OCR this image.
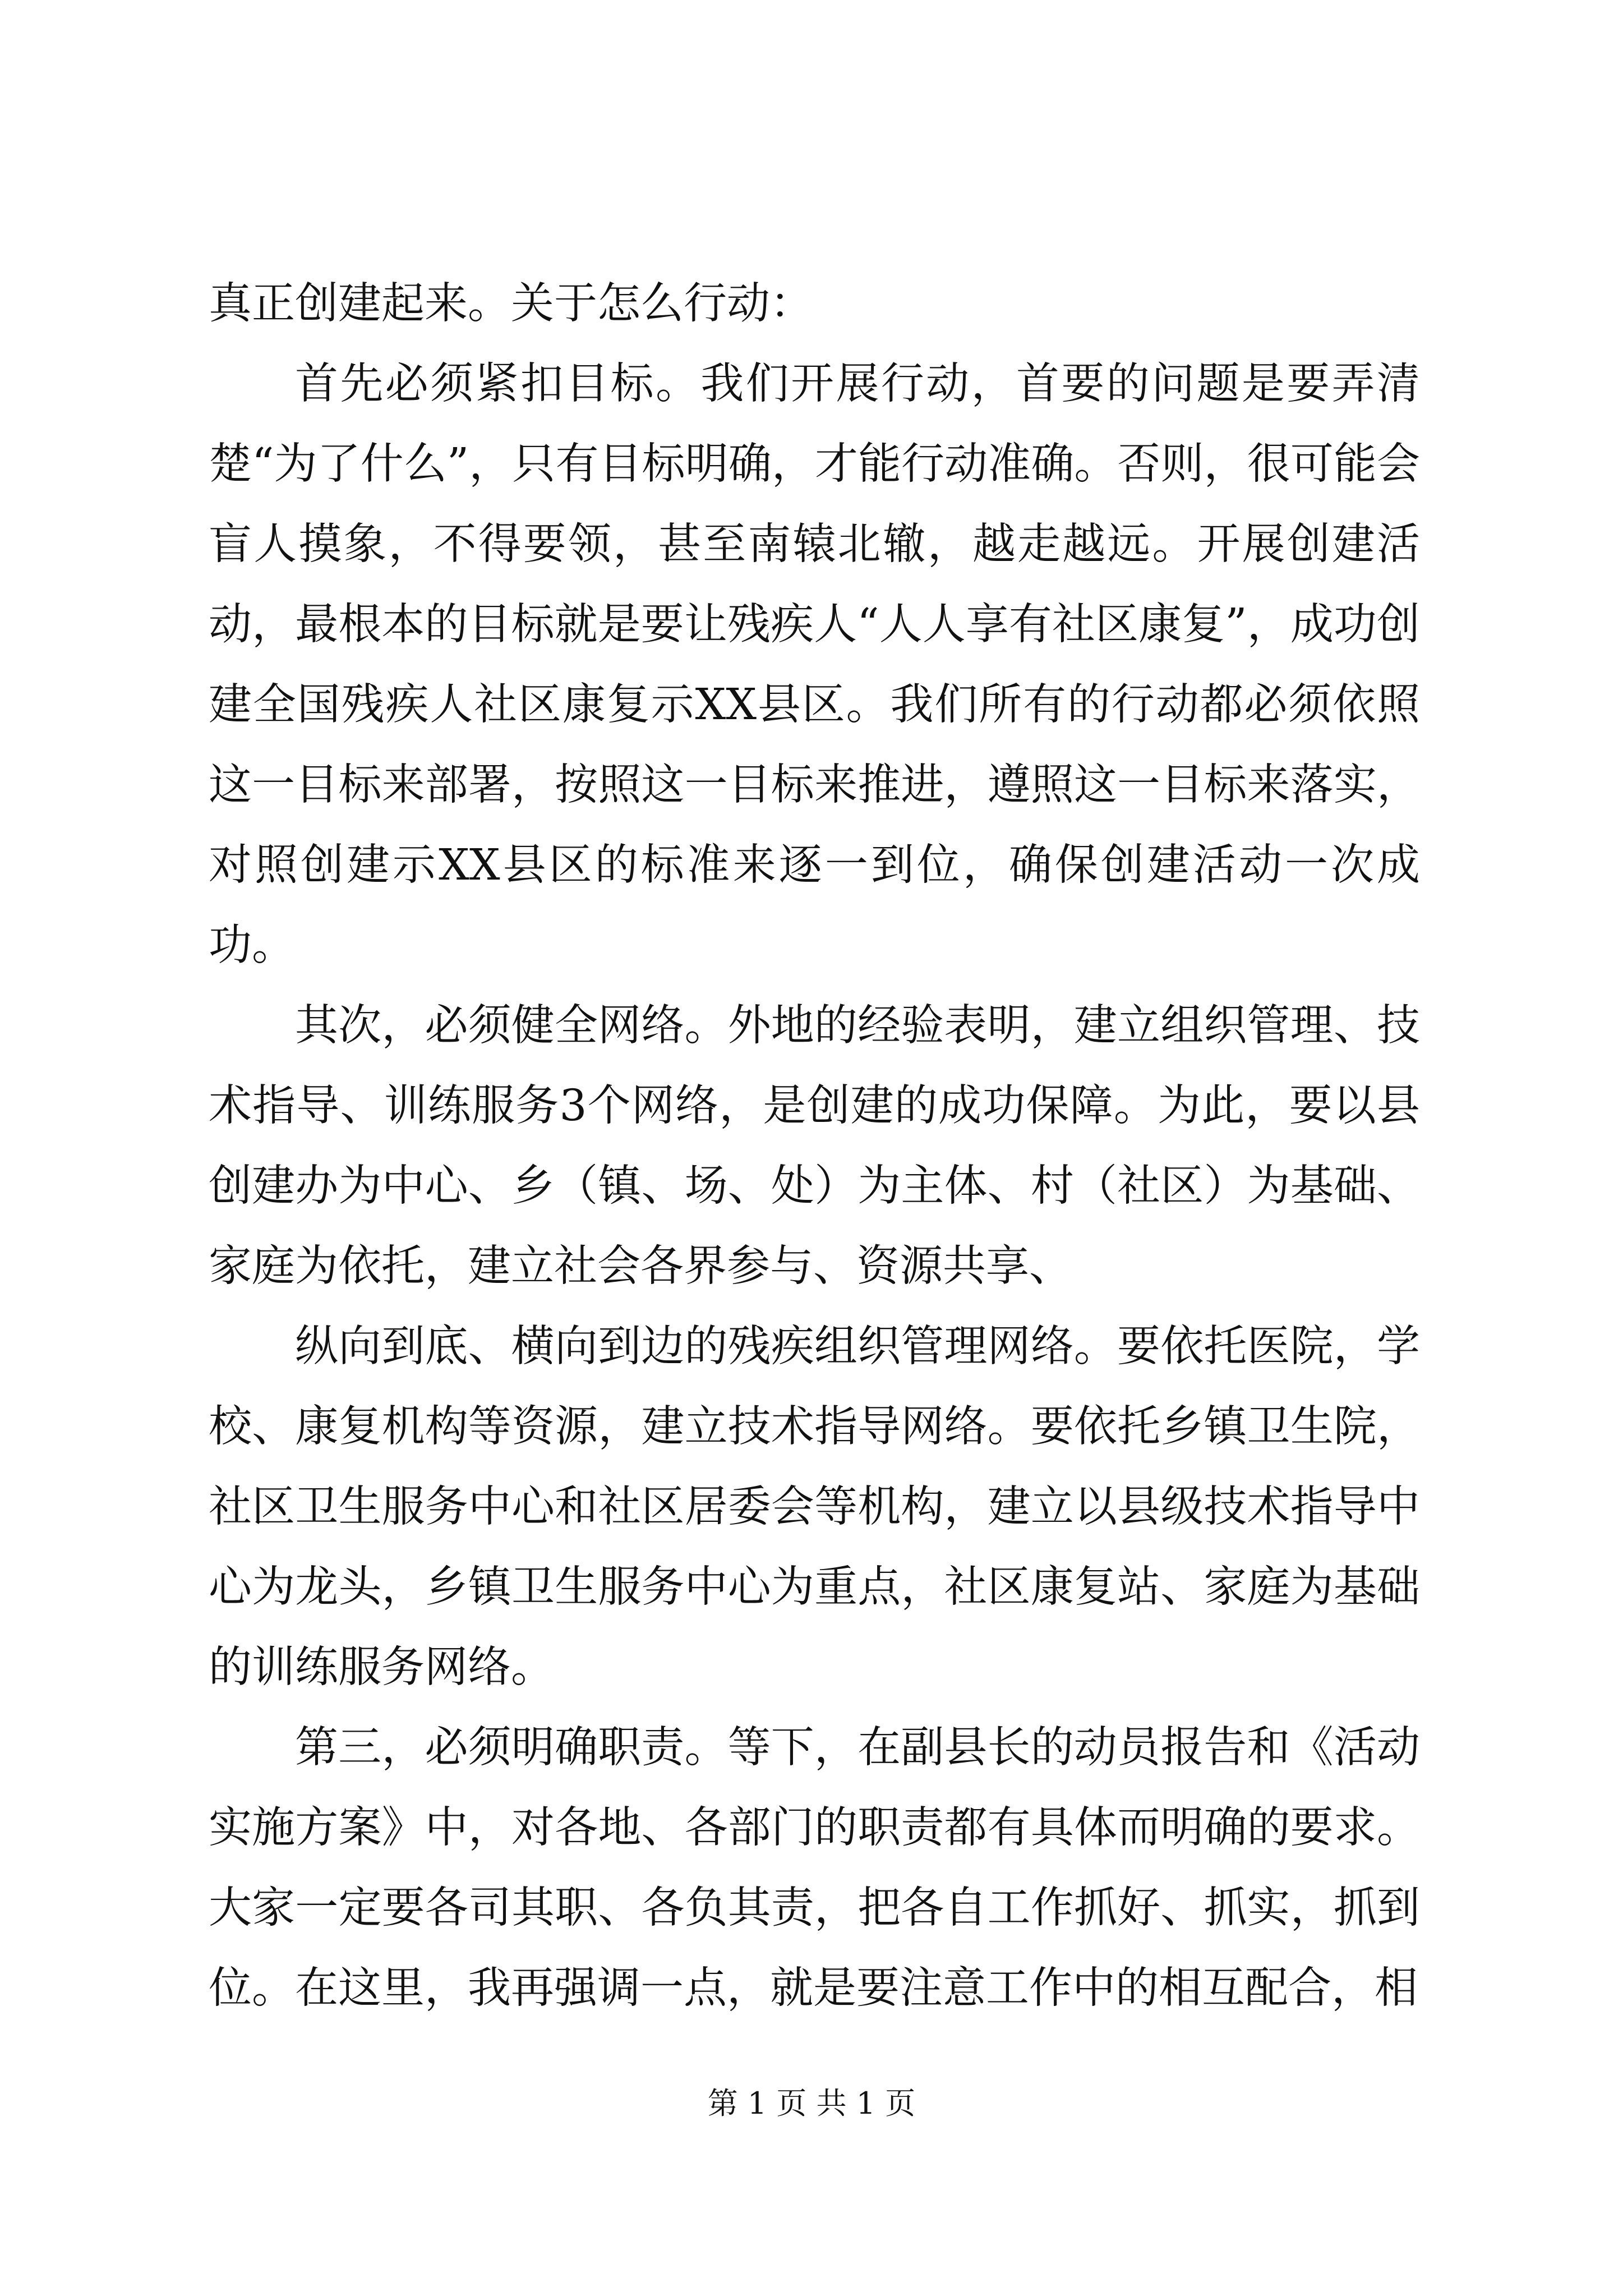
真正创建起来。关于怎么行动：

首先必须紧扣目标。我们开展行动，首要的问题是要弄清楚“为了什么”，只有目标明确，才能行动准确。否则，很可能会盲人摸象，不得要领，甚至南辕北辙，越走越远。开展创建活动，最根本的目标就是要让残疾人“人人享有社区康复”，成功创建全国残疾人社区康复示XX县区。我们所有的行动都必须依照这一目标来部署，按照这一目标来推进，遵照这一目标来落实，对照创建示XX县区的标准来逐一到位，确保创建活动一次成功。

其次，必须健全网络。外地的经验表明，建立组织管理、技术指导、训练服务3个网络，是创建的成功保障。为此，要以县创建办为中心、乡（镇、场、处）为主体、村（社区）为基础、家庭为依托，建立社会各界参与、资源共享、

纵向到底、横向到边的残疾组织管理网络。要依托医院，学校、康复机构等资源，建立技术指导网络。要依托乡镇卫生院，社区卫生服务中心和社区居委会等机构，建立以县级技术指导中心为龙头，乡镇卫生服务中心为重点，社区康复站、家庭为基础的训练服务网络。

第三，必须明确职责。等下，在副县长的动员报告和《活动实施方案》中，对各地、各部门的职责都有具体而明确的要求。大家一定要各司其职、各负其责，把各自工作抓好、抓实，抓到位。在这里，我再强调一点，就是要注意工作中的相互配合，相

第 1 页 共 1 页
